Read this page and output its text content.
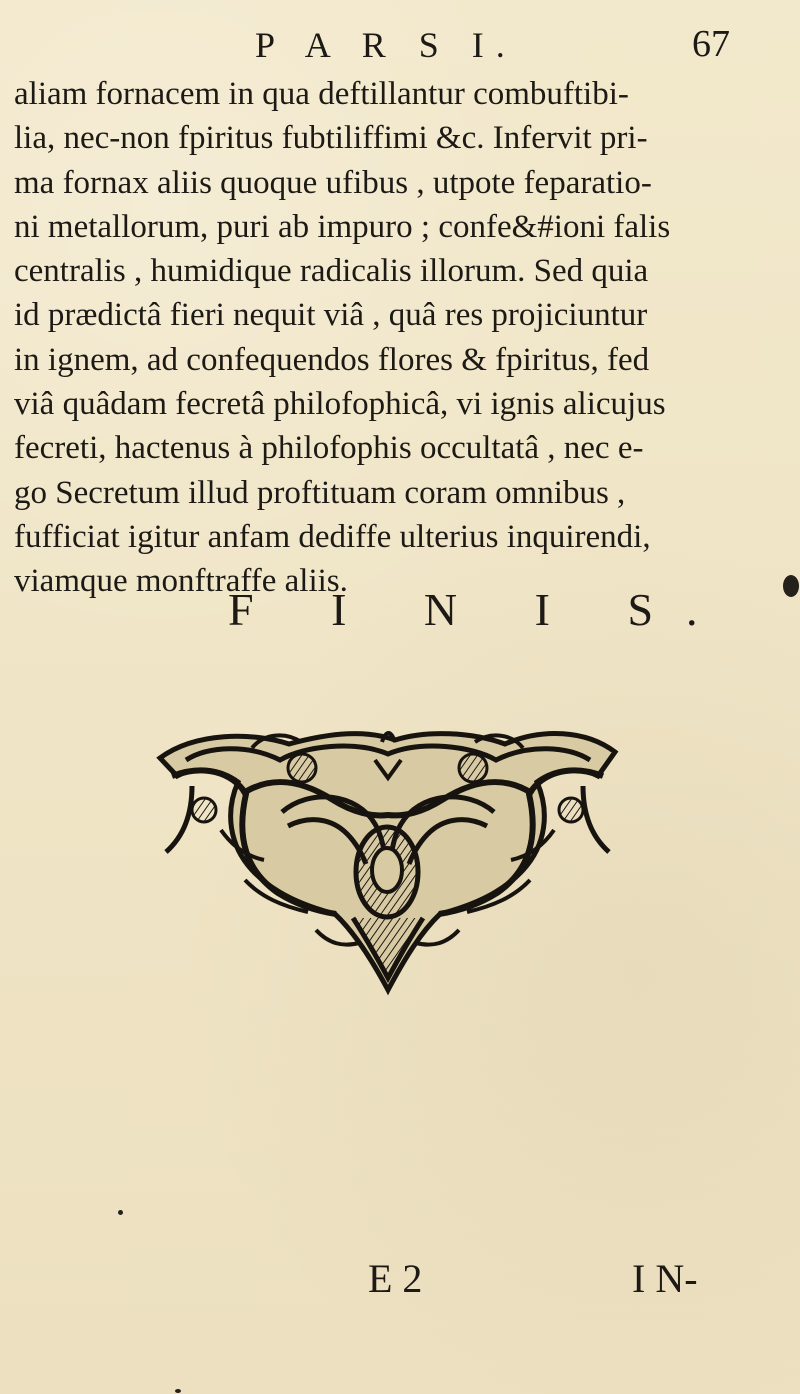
P A R S I.	67
aliam fornacem in qua deftillantur combuftibi-
lia, nec-non fpiritus fubtiliffimi &c. Infervit pri-
ma fornax aliis quoque ufibus , utpote feparatio-
ni metallorum, puri ab impuro ; confe&#ioni falis
centralis , humidique radicalis illorum. Sed quia
id prædictâ fieri nequit viâ , quâ res projiciuntur
in ignem, ad confequendos flores & fpiritus, fed
viâ quâdam fecretâ philofophicâ, vi ignis alicujus
fecreti, hactenus à philofophis occultatâ , nec e-
go Secretum illud proftituam coram omnibus ,
fufficiat igitur anfam dediffe ulterius inquirendi,
viamque monftraffe aliis.
F I N I S.
E 2	I N-
